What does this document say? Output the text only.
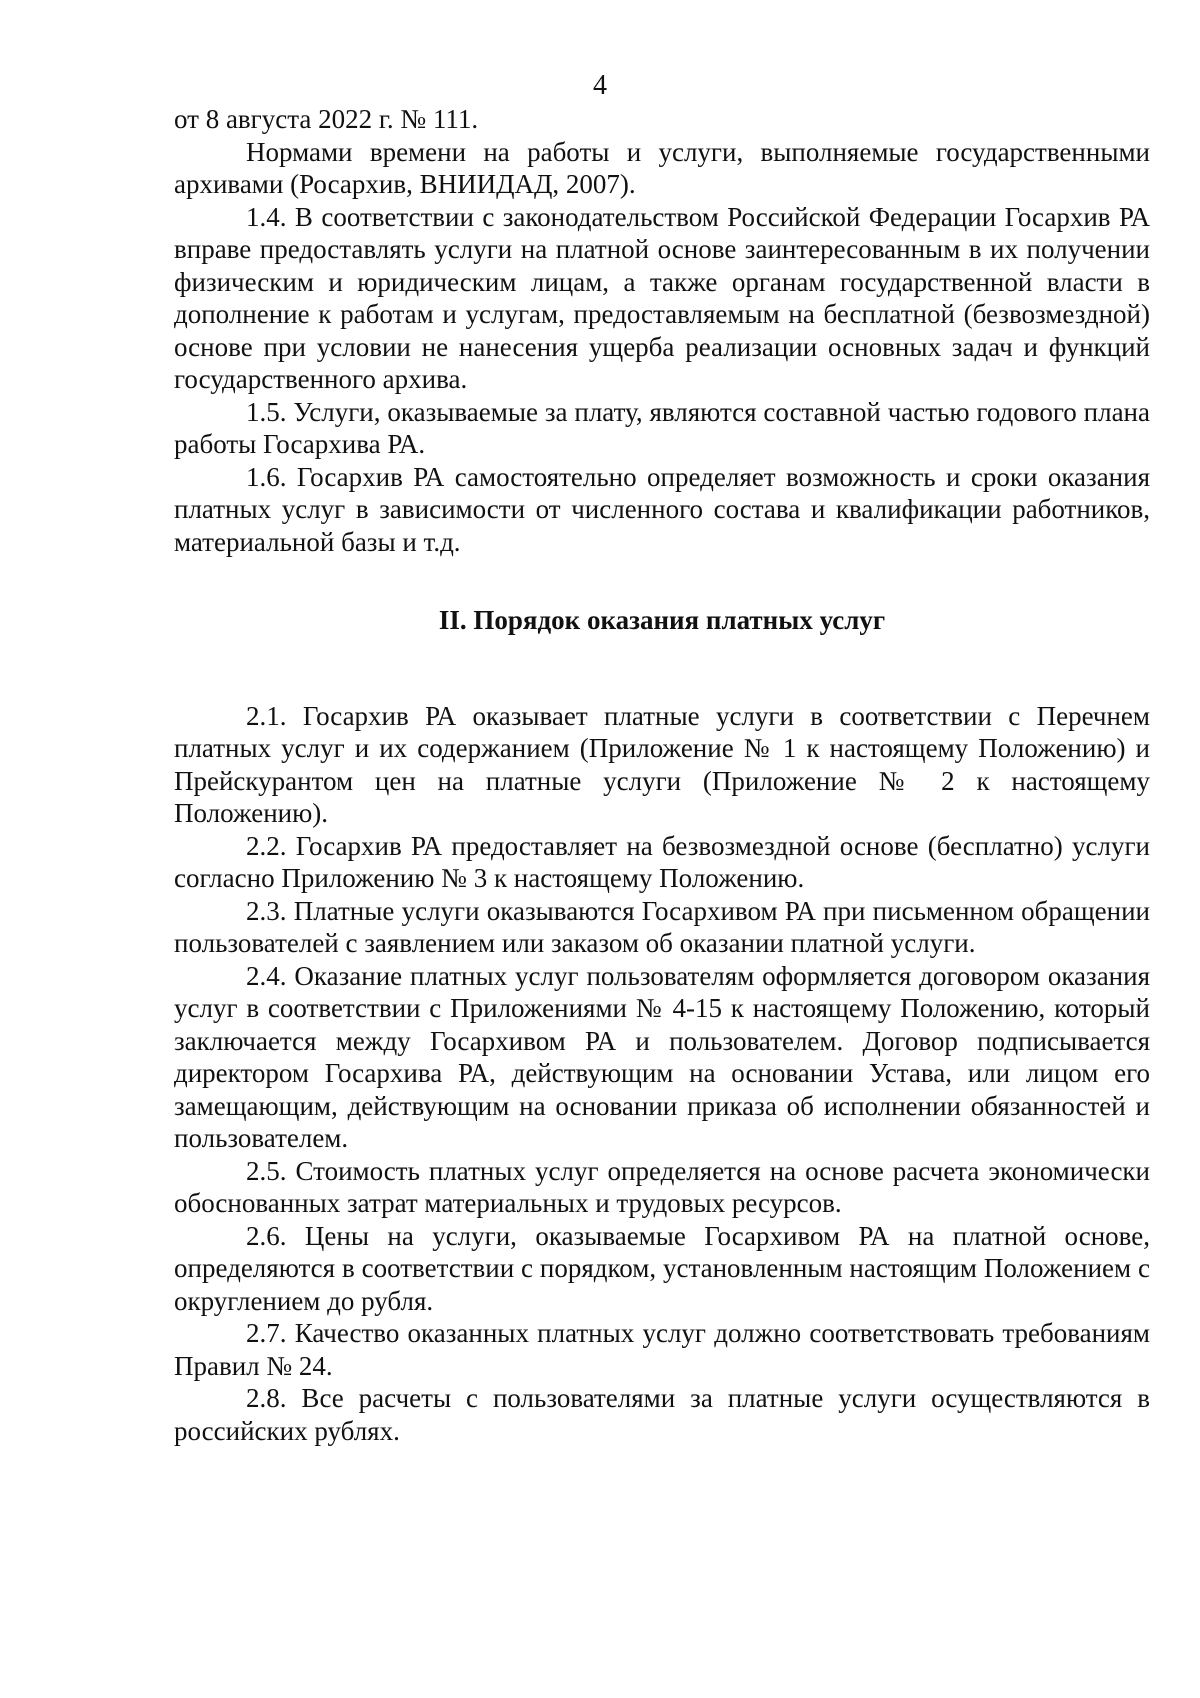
4

от 8 августа 2022 г. № 111.

Нормами времени на работы и услуги, выполняемые государственными архивами (Росархив, ВНИИДАД, 2007).

1.4. В соответствии с законодательством Российской Федерации Госархив РА вправе предоставлять услуги на платной основе заинтересованным в их получении физическим и юридическим лицам, а также органам государственной власти в дополнение к работам и услугам, предоставляемым на бесплатной (безвозмездной) основе при условии не нанесения ущерба реализации основных задач и функций государственного архива.

1.5. Услуги, оказываемые за плату, являются составной частью годового плана работы Госархива РА.

1.6. Госархив РА самостоятельно определяет возможность и сроки оказания платных услуг в зависимости от численного состава и квалификации работников, материальной базы и т.д.

II. Порядок оказания платных услуг

2.1. Госархив РА оказывает платные услуги в соответствии с Перечнем платных услуг и их содержанием (Приложение № 1 к настоящему Положению) и Прейскурантом цен на платные услуги (Приложение № 2 к настоящему Положению).

2.2. Госархив РА предоставляет на безвозмездной основе (бесплатно) услуги согласно Приложению № 3 к настоящему Положению.

2.3. Платные услуги оказываются Госархивом РА при письменном обращении пользователей с заявлением или заказом об оказании платной услуги.

2.4. Оказание платных услуг пользователям оформляется договором оказания услуг в соответствии с Приложениями № 4-15 к настоящему Положению, который заключается между Госархивом РА и пользователем. Договор подписывается директором Госархива РА, действующим на основании Устава, или лицом его замещающим, действующим на основании приказа об исполнении обязанностей и пользователем.

2.5. Стоимость платных услуг определяется на основе расчета экономически обоснованных затрат материальных и трудовых ресурсов.

2.6. Цены на услуги, оказываемые Госархивом РА на платной основе, определяются в соответствии с порядком, установленным настоящим Положением с округлением до рубля.

2.7. Качество оказанных платных услуг должно соответствовать требованиям Правил № 24.

2.8. Все расчеты с пользователями за платные услуги осуществляются в российских рублях.
